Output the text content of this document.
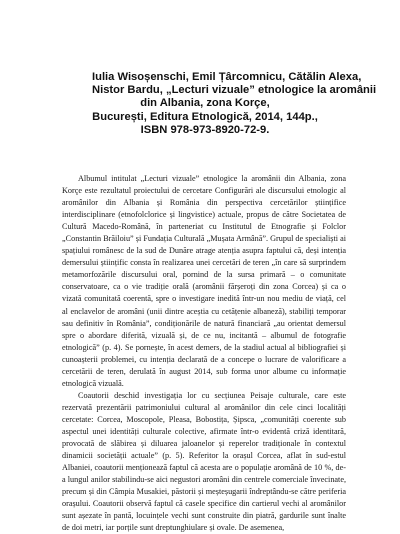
Iulia Wisoșenschi, Emil Țârcomnicu, Cătălin Alexa,
Nistor Bardu, „Lecturi vizuale” etnologice la aromânii
din Albania, zona Korçe,
București, Editura Etnologică, 2014, 144p.,
ISBN 978-973-8920-72-9.

Albumul intitulat „Lecturi vizuale” etnologice la aromânii din Albania, zona Korçe este rezultatul proiectului de cercetare Configurări ale discursului etnologic al aromânilor din Albania și România din perspectiva cercetărilor științifice interdisciplinare (etnofolclorice și lingvistice) actuale, propus de către Societatea de Cultură Macedo-Română, în parteneriat cu Institutul de Etnografie și Folclor „Constantin Brăiloiu” și Fundația Culturală „Mușata Armână”. Grupul de specialiști ai spațiului românesc de la sud de Dunăre atrage atenția asupra faptului că, deși intenția demersului științific consta în realizarea unei cercetări de teren „în care să surprindem metamorfozările discursului oral, pornind de la sursa primară – o comunitate conservatoare, ca o vie tradiție orală (aromânii fărșeroți din zona Corcea) și ca o vizată comunitată coerentă, spre o investigare inedită într-un nou mediu de viață, cel al enclavelor de aromâni (unii dintre aceștia cu cetățenie albaneză), stabiliți temporar sau definitiv în România”, condiționările de natură financiară „au orientat demersul spre o abordare diferită, vizuală și, de ce nu, incitantă – albumul de fotografie etnologică” (p. 4). Se pornește, în acest demers, de la stadiul actual al bibliografiei și cunoașterii problemei, cu intenția declarată de a concepe o lucrare de valorificare a cercetării de teren, derulată în august 2014, sub forma unor albume cu informație etnologică vizuală.

Coautorii deschid investigația lor cu secțiunea Peisaje culturale, care este rezervată prezentării patrimoniului cultural al aromânilor din cele cinci localități cercetate: Corcea, Moscopole, Pleasa, Bobostița, Șipsca, „comunități coerente sub aspectul unei identități culturale colective, afirmate într-o evidentă criză identitară, provocată de slăbirea și diluarea jaloanelor și reperelor tradiționale în contextul dinamicii societății actuale” (p. 5). Referitor la orașul Corcea, aflat în sud-estul Albaniei, coautorii menționează faptul că acesta are o populație aromână de 10 %, de-a lungul anilor stabilindu-se aici negustori aromâni din centrele comerciale învecinate, precum și din Câmpia Musakiei, păstorii și meșteșugarii îndreptându-se către periferia orașului. Coautorii observă faptul că casele specifice din cartierul vechi al aromânilor sunt așezate în pantă, locuințele vechi sunt construite din piatră, gardurile sunt înalte de doi metri, iar porțile sunt dreptunghiulare și ovale. De asemenea,
